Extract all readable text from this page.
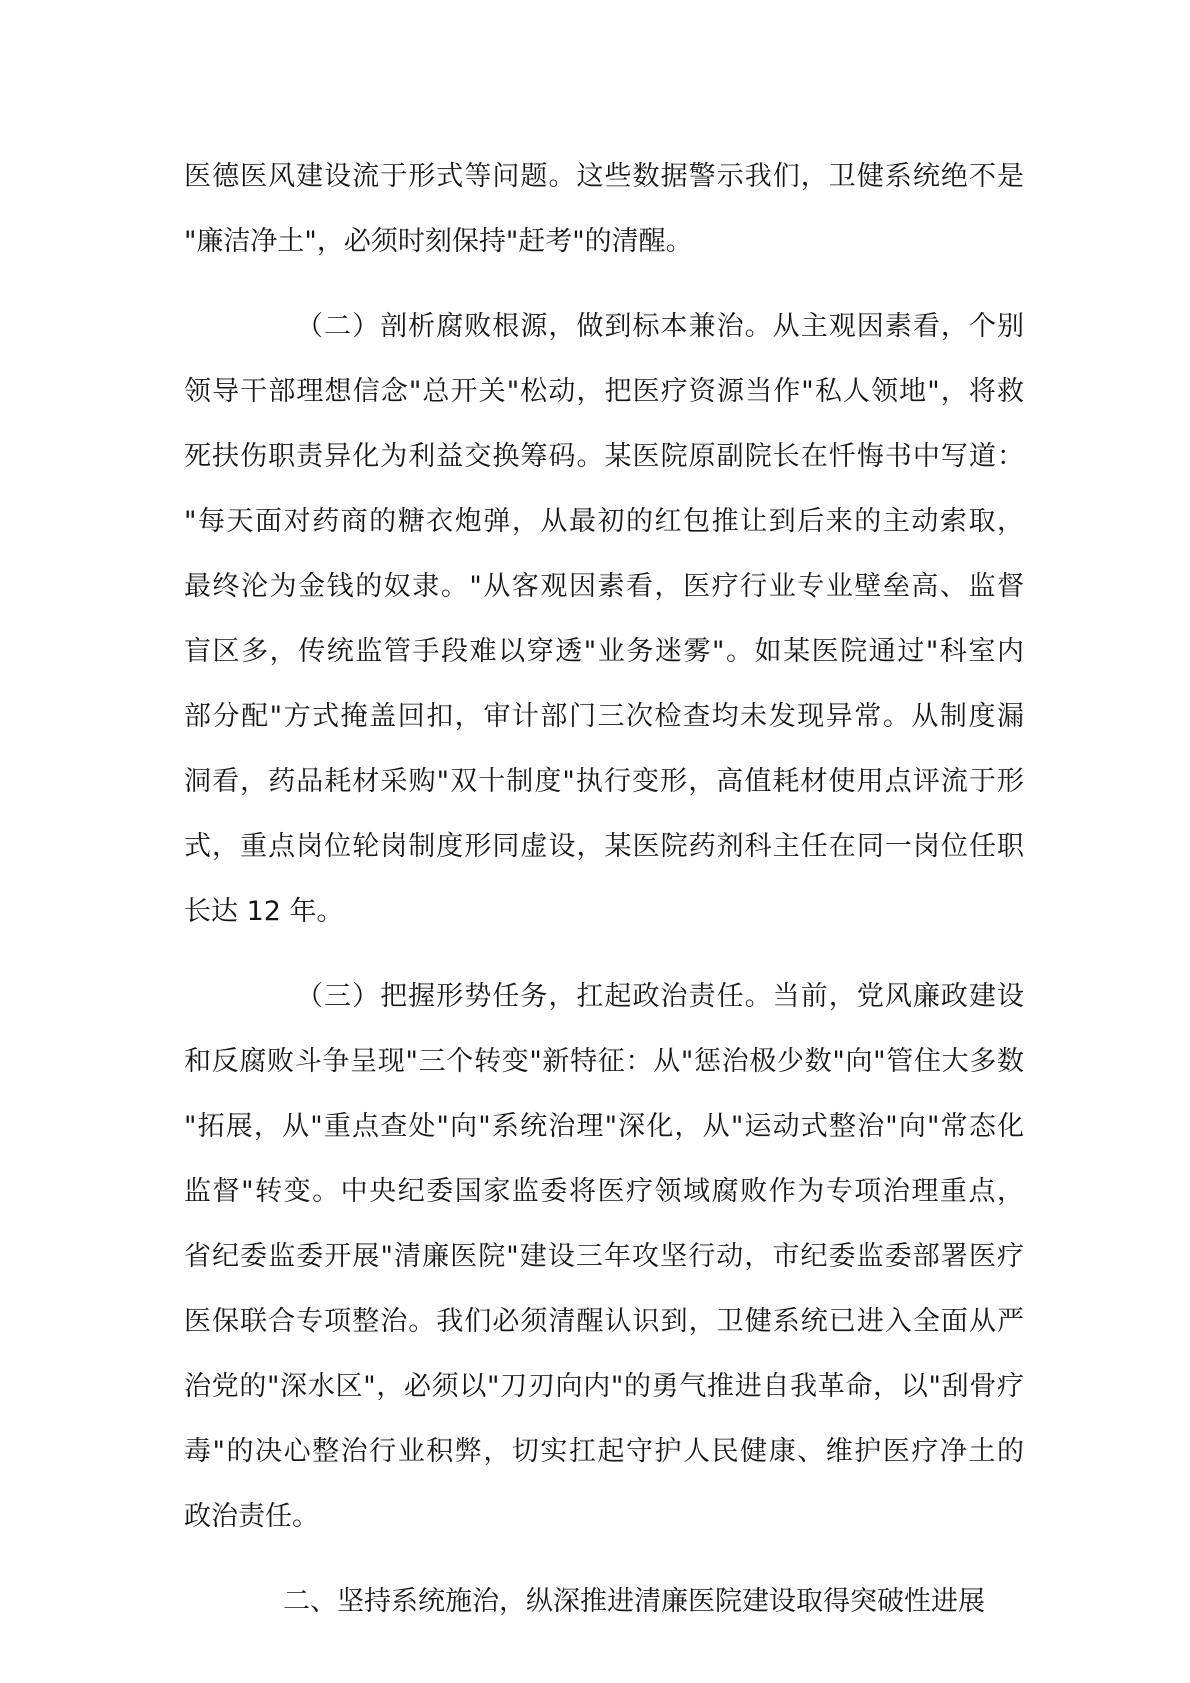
医德医风建设流于形式等问题。这些数据警示我们，卫健系统绝不是
"廉洁净土"，必须时刻保持"赶考"的清醒。
（二）剖析腐败根源，做到标本兼治。从主观因素看，个别
领导干部理想信念"总开关"松动，把医疗资源当作"私人领地"，将救
死扶伤职责异化为利益交换筹码。某医院原副院长在忏悔书中写道：
"每天面对药商的糖衣炮弹，从最初的红包推让到后来的主动索取，
最终沦为金钱的奴隶。"从客观因素看，医疗行业专业壁垒高、监督
盲区多，传统监管手段难以穿透"业务迷雾"。如某医院通过"科室内
部分配"方式掩盖回扣，审计部门三次检查均未发现异常。从制度漏
洞看，药品耗材采购"双十制度"执行变形，高值耗材使用点评流于形
式，重点岗位轮岗制度形同虚设，某医院药剂科主任在同一岗位任职
长达 12 年。
（三）把握形势任务，扛起政治责任。当前，党风廉政建设
和反腐败斗争呈现"三个转变"新特征：从"惩治极少数"向"管住大多数
"拓展，从"重点查处"向"系统治理"深化，从"运动式整治"向"常态化
监督"转变。中央纪委国家监委将医疗领域腐败作为专项治理重点，
省纪委监委开展"清廉医院"建设三年攻坚行动，市纪委监委部署医疗
医保联合专项整治。我们必须清醒认识到，卫健系统已进入全面从严
治党的"深水区"，必须以"刀刃向内"的勇气推进自我革命，以"刮骨疗
毒"的决心整治行业积弊，切实扛起守护人民健康、维护医疗净土的
政治责任。
二、坚持系统施治，纵深推进清廉医院建设取得突破性进展
